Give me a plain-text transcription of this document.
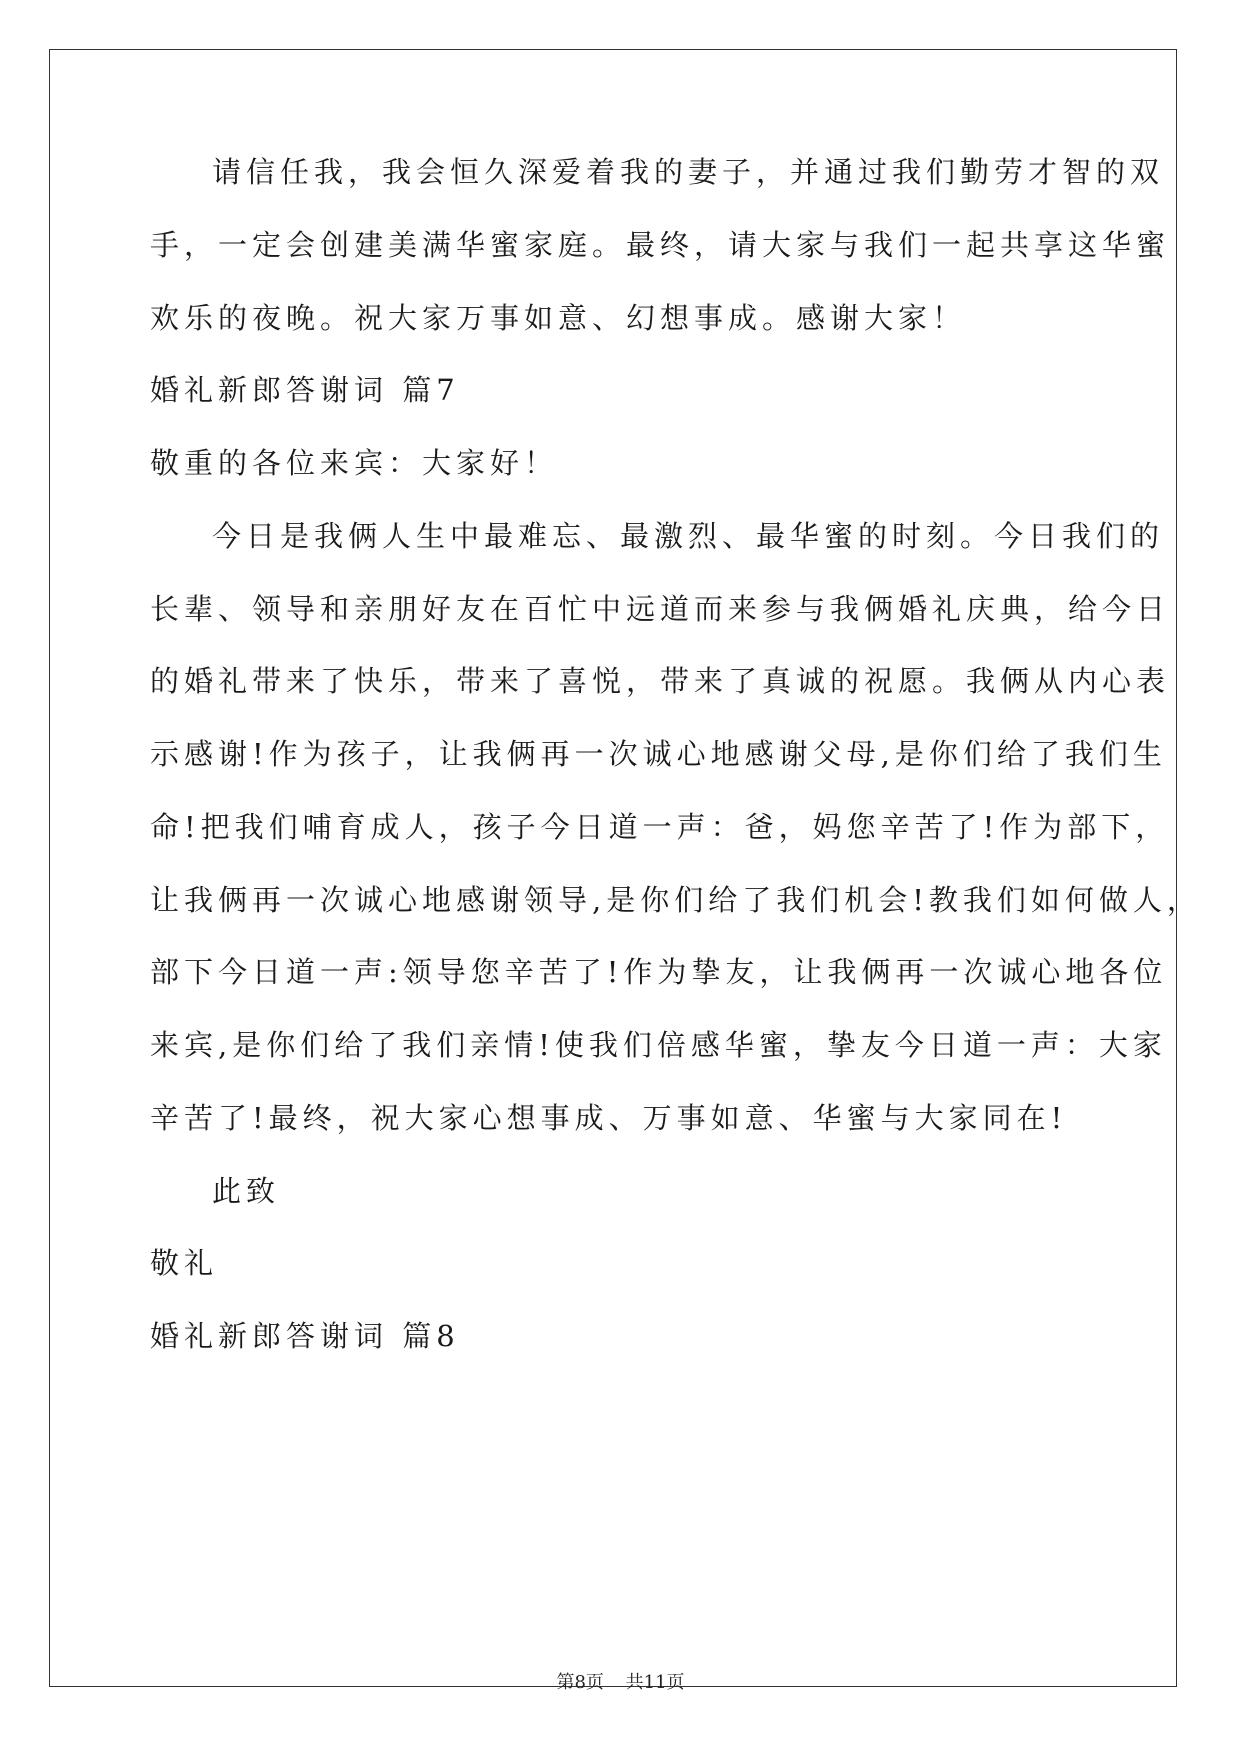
请信任我，我会恒久深爱着我的妻子，并通过我们勤劳才智的双
手，一定会创建美满华蜜家庭。最终，请大家与我们一起共享这华蜜
欢乐的夜晚。祝大家万事如意、幻想事成。感谢大家！
婚礼新郎答谢词 篇7
敬重的各位来宾：大家好！
今日是我俩人生中最难忘、最激烈、最华蜜的时刻。今日我们的
长辈、领导和亲朋好友在百忙中远道而来参与我俩婚礼庆典，给今日
的婚礼带来了快乐，带来了喜悦，带来了真诚的祝愿。我俩从内心表
示感谢!作为孩子，让我俩再一次诚心地感谢父母,是你们给了我们生
命!把我们哺育成人，孩子今日道一声：爸，妈您辛苦了!作为部下，
让我俩再一次诚心地感谢领导,是你们给了我们机会!教我们如何做人，
部下今日道一声:领导您辛苦了!作为挚友，让我俩再一次诚心地各位
来宾,是你们给了我们亲情!使我们倍感华蜜，挚友今日道一声：大家
辛苦了!最终，祝大家心想事成、万事如意、华蜜与大家同在!
此致
敬礼
婚礼新郎答谢词 篇8
第8页 共11页
